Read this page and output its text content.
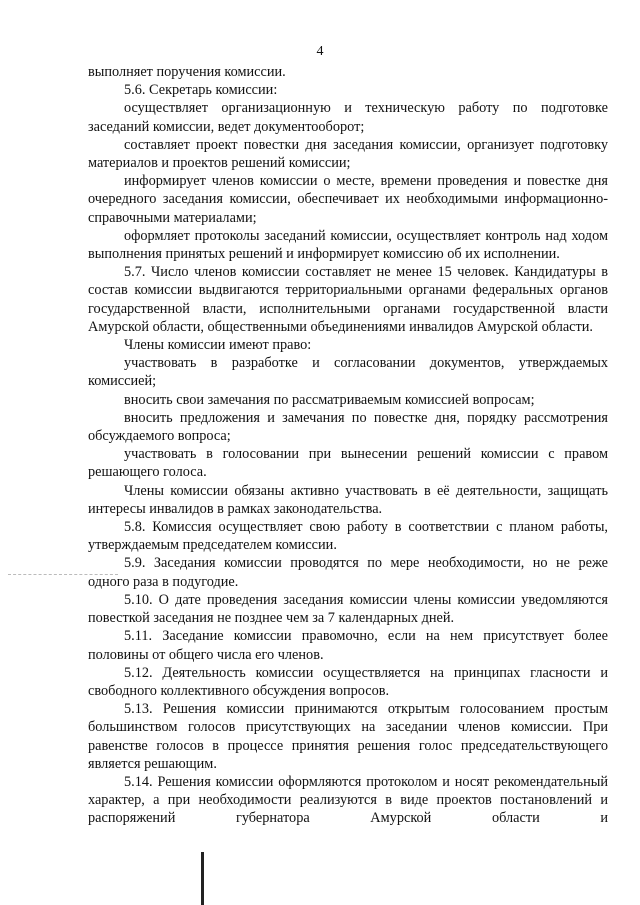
4

выполняет поручения комиссии.

5.6. Секретарь комиссии:

осуществляет организационную и техническую работу по подготовке заседаний комиссии, ведет документооборот;

составляет проект повестки дня заседания комиссии, организует подготовку материалов и проектов решений комиссии;

информирует членов комиссии о месте, времени проведения и повестке дня очередного заседания комиссии, обеспечивает их необходимыми информационно-справочными материалами;

оформляет протоколы заседаний комиссии, осуществляет контроль над ходом выполнения принятых решений и информирует комиссию об их исполнении.

5.7. Число членов комиссии составляет не менее 15 человек. Кандидатуры в состав комиссии выдвигаются территориальными органами федеральных органов государственной власти, исполнительными органами государственной власти Амурской области, общественными объединениями инвалидов Амурской области.

Члены комиссии имеют право:

участвовать в разработке и согласовании документов, утверждаемых комиссией;

вносить свои замечания по рассматриваемым комиссией вопросам;

вносить предложения и замечания по повестке дня, порядку рассмотрения обсуждаемого вопроса;

участвовать в голосовании при вынесении решений комиссии с правом решающего голоса.

Члены комиссии обязаны активно участвовать в её деятельности, защищать интересы инвалидов в рамках законодательства.

5.8. Комиссия осуществляет свою работу в соответствии с планом работы, утверждаемым председателем комиссии.

5.9. Заседания комиссии проводятся по мере необходимости, но не реже одного раза в подугодие.

5.10. О дате проведения заседания комиссии члены комиссии уведомляются повесткой заседания не позднее чем за 7 календарных дней.

5.11. Заседание комиссии правомочно, если на нем присутствует более половины от общего числа его членов.

5.12. Деятельность комиссии осуществляется на принципах гласности и свободного коллективного обсуждения вопросов.

5.13. Решения комиссии принимаются открытым голосованием простым большинством голосов присутствующих на заседании членов комиссии. При равенстве голосов в процессе принятия решения голос председательствующего является решающим.

5.14. Решения комиссии оформляются протоколом и носят рекомендательный характер, а при необходимости реализуются в виде проектов постановлений и распоряжений губернатора Амурской области и
